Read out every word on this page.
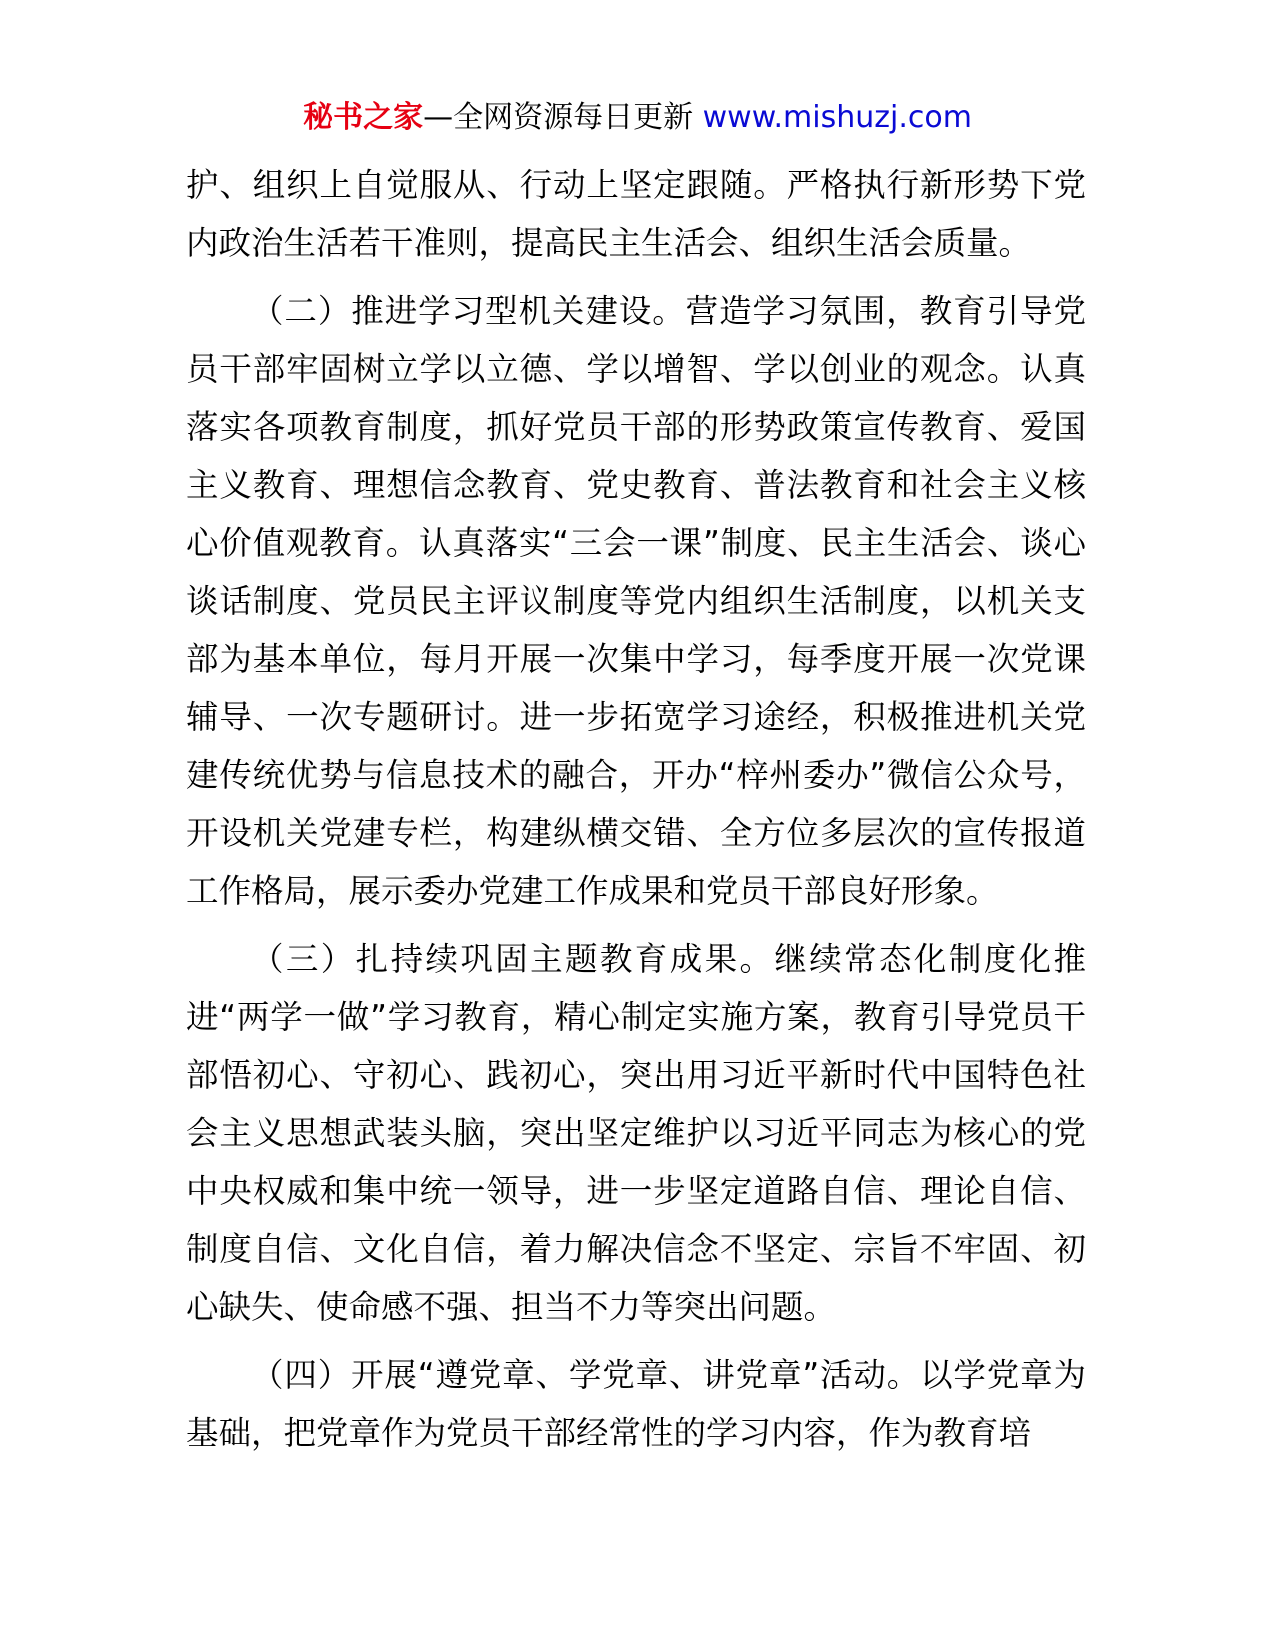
秘书之家—全网资源每日更新 www.mishuzj.com

护、组织上自觉服从、行动上坚定跟随。严格执行新形势下党内政治生活若干准则，提高民主生活会、组织生活会质量。

（二）推进学习型机关建设。营造学习氛围，教育引导党员干部牢固树立学以立德、学以增智、学以创业的观念。认真落实各项教育制度，抓好党员干部的形势政策宣传教育、爱国主义教育、理想信念教育、党史教育、普法教育和社会主义核心价值观教育。认真落实“三会一课”制度、民主生活会、谈心谈话制度、党员民主评议制度等党内组织生活制度，以机关支部为基本单位，每月开展一次集中学习，每季度开展一次党课辅导、一次专题研讨。进一步拓宽学习途经，积极推进机关党建传统优势与信息技术的融合，开办“梓州委办”微信公众号，开设机关党建专栏，构建纵横交错、全方位多层次的宣传报道工作格局，展示委办党建工作成果和党员干部良好形象。

（三）扎持续巩固主题教育成果。继续常态化制度化推进“两学一做”学习教育，精心制定实施方案，教育引导党员干部悟初心、守初心、践初心，突出用习近平新时代中国特色社会主义思想武装头脑，突出坚定维护以习近平同志为核心的党中央权威和集中统一领导，进一步坚定道路自信、理论自信、制度自信、文化自信，着力解决信念不坚定、宗旨不牢固、初心缺失、使命感不强、担当不力等突出问题。

（四）开展“遵党章、学党章、讲党章”活动。以学党章为基础，把党章作为党员干部经常性的学习内容，作为教育培
